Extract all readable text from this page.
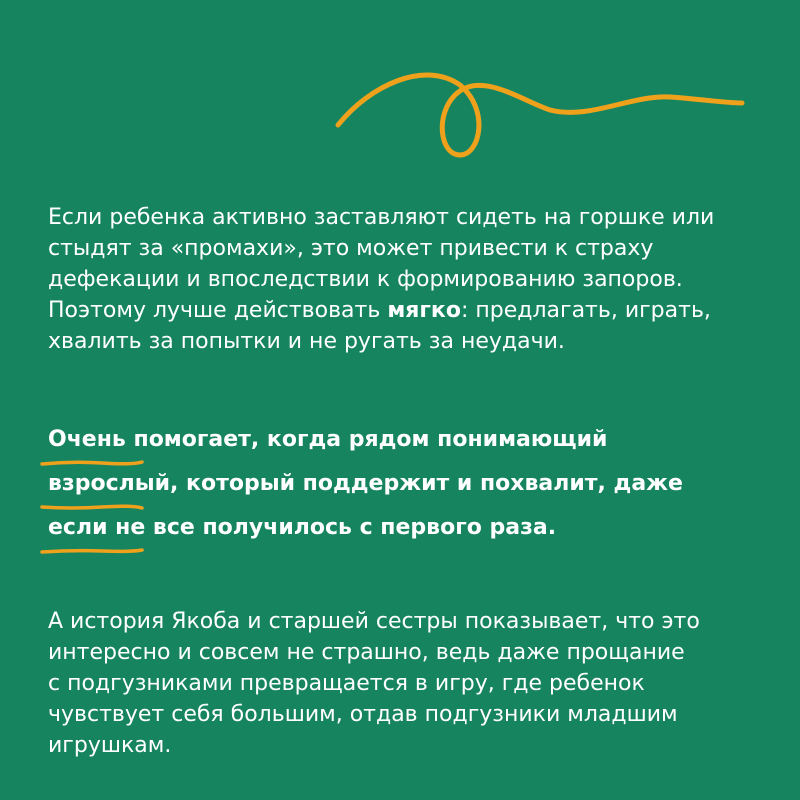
Если ребенка активно заставляют сидеть на горшке или
стыдят за «промахи», это может привести к страху
дефекации и впоследствии к формированию запоров.
Поэтому лучше действовать мягко: предлагать, играть,
хвалить за попытки и не ругать за неудачи.

Очень помогает, когда рядом понимающий
взрослый, который поддержит и похвалит, даже
если не все получилось с первого раза.

А история Якоба и старшей сестры показывает, что это
интересно и совсем не страшно, ведь даже прощание
с подгузниками превращается в игру, где ребенок
чувствует себя большим, отдав подгузники младшим
игрушкам.
